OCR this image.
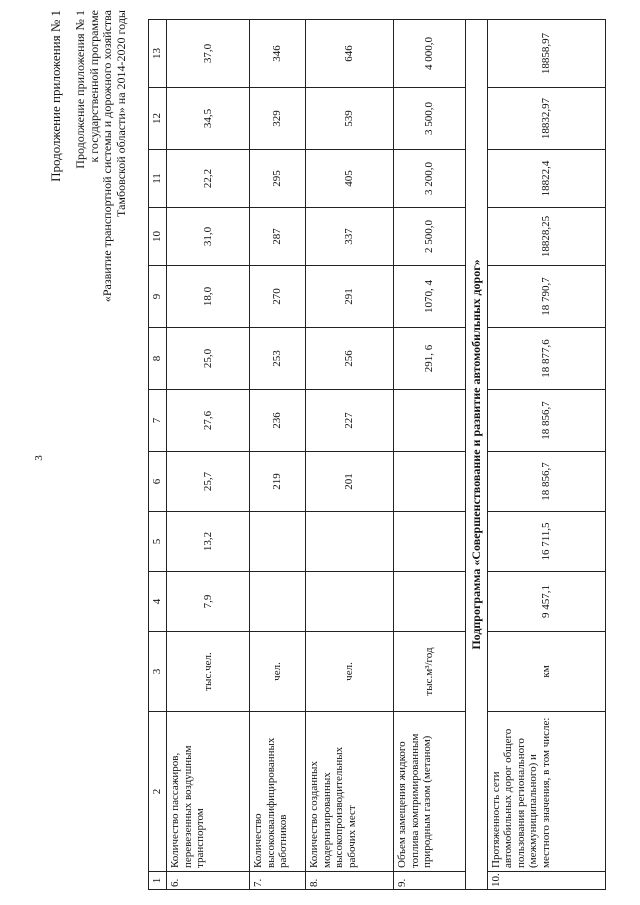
3
Продолжение приложения № 1 Продолжение приложения № 1 к государственной программе «Развитие транспортной системы и дорожного хозяйства Тамбовской области» на 2014-2020 годы
1	2	3	4	5	6	7	8	9	10	11	12	13
6.	Количество пассажиров, перевезенных воздушным транспортом	тыс.чел.	7,9	13,2	25,7	27,6	25,0	18,0	31,0	22,2	34,5	37,0
7.	Количество высококвалифицированных работников	чел.			219	236	253	270	287	295	329	346
8.	Количество созданных модернизированных высокопроизводительных рабочих мест	чел.			201	227	256	291	337	405	539	646
9.	Объем замещения жидкого топлива компримированным природным газом (метаном)	тыс.м³/год					291, 6	1070, 4	2 500,0	3 200,0	3 500,0	4 000,0
Подпрограмма «Совершенствование и развитие автомобильных дорог»												
10.	Протяженность сети автомобильных дорог общего пользования регионального (межмуниципального) и местного значения, в том числе:	км	9 457,1	16 711,5	18 856,7	18 856,7	18 877,6	18 790,7	18828,25	18822,4	18832,97	18858,97
